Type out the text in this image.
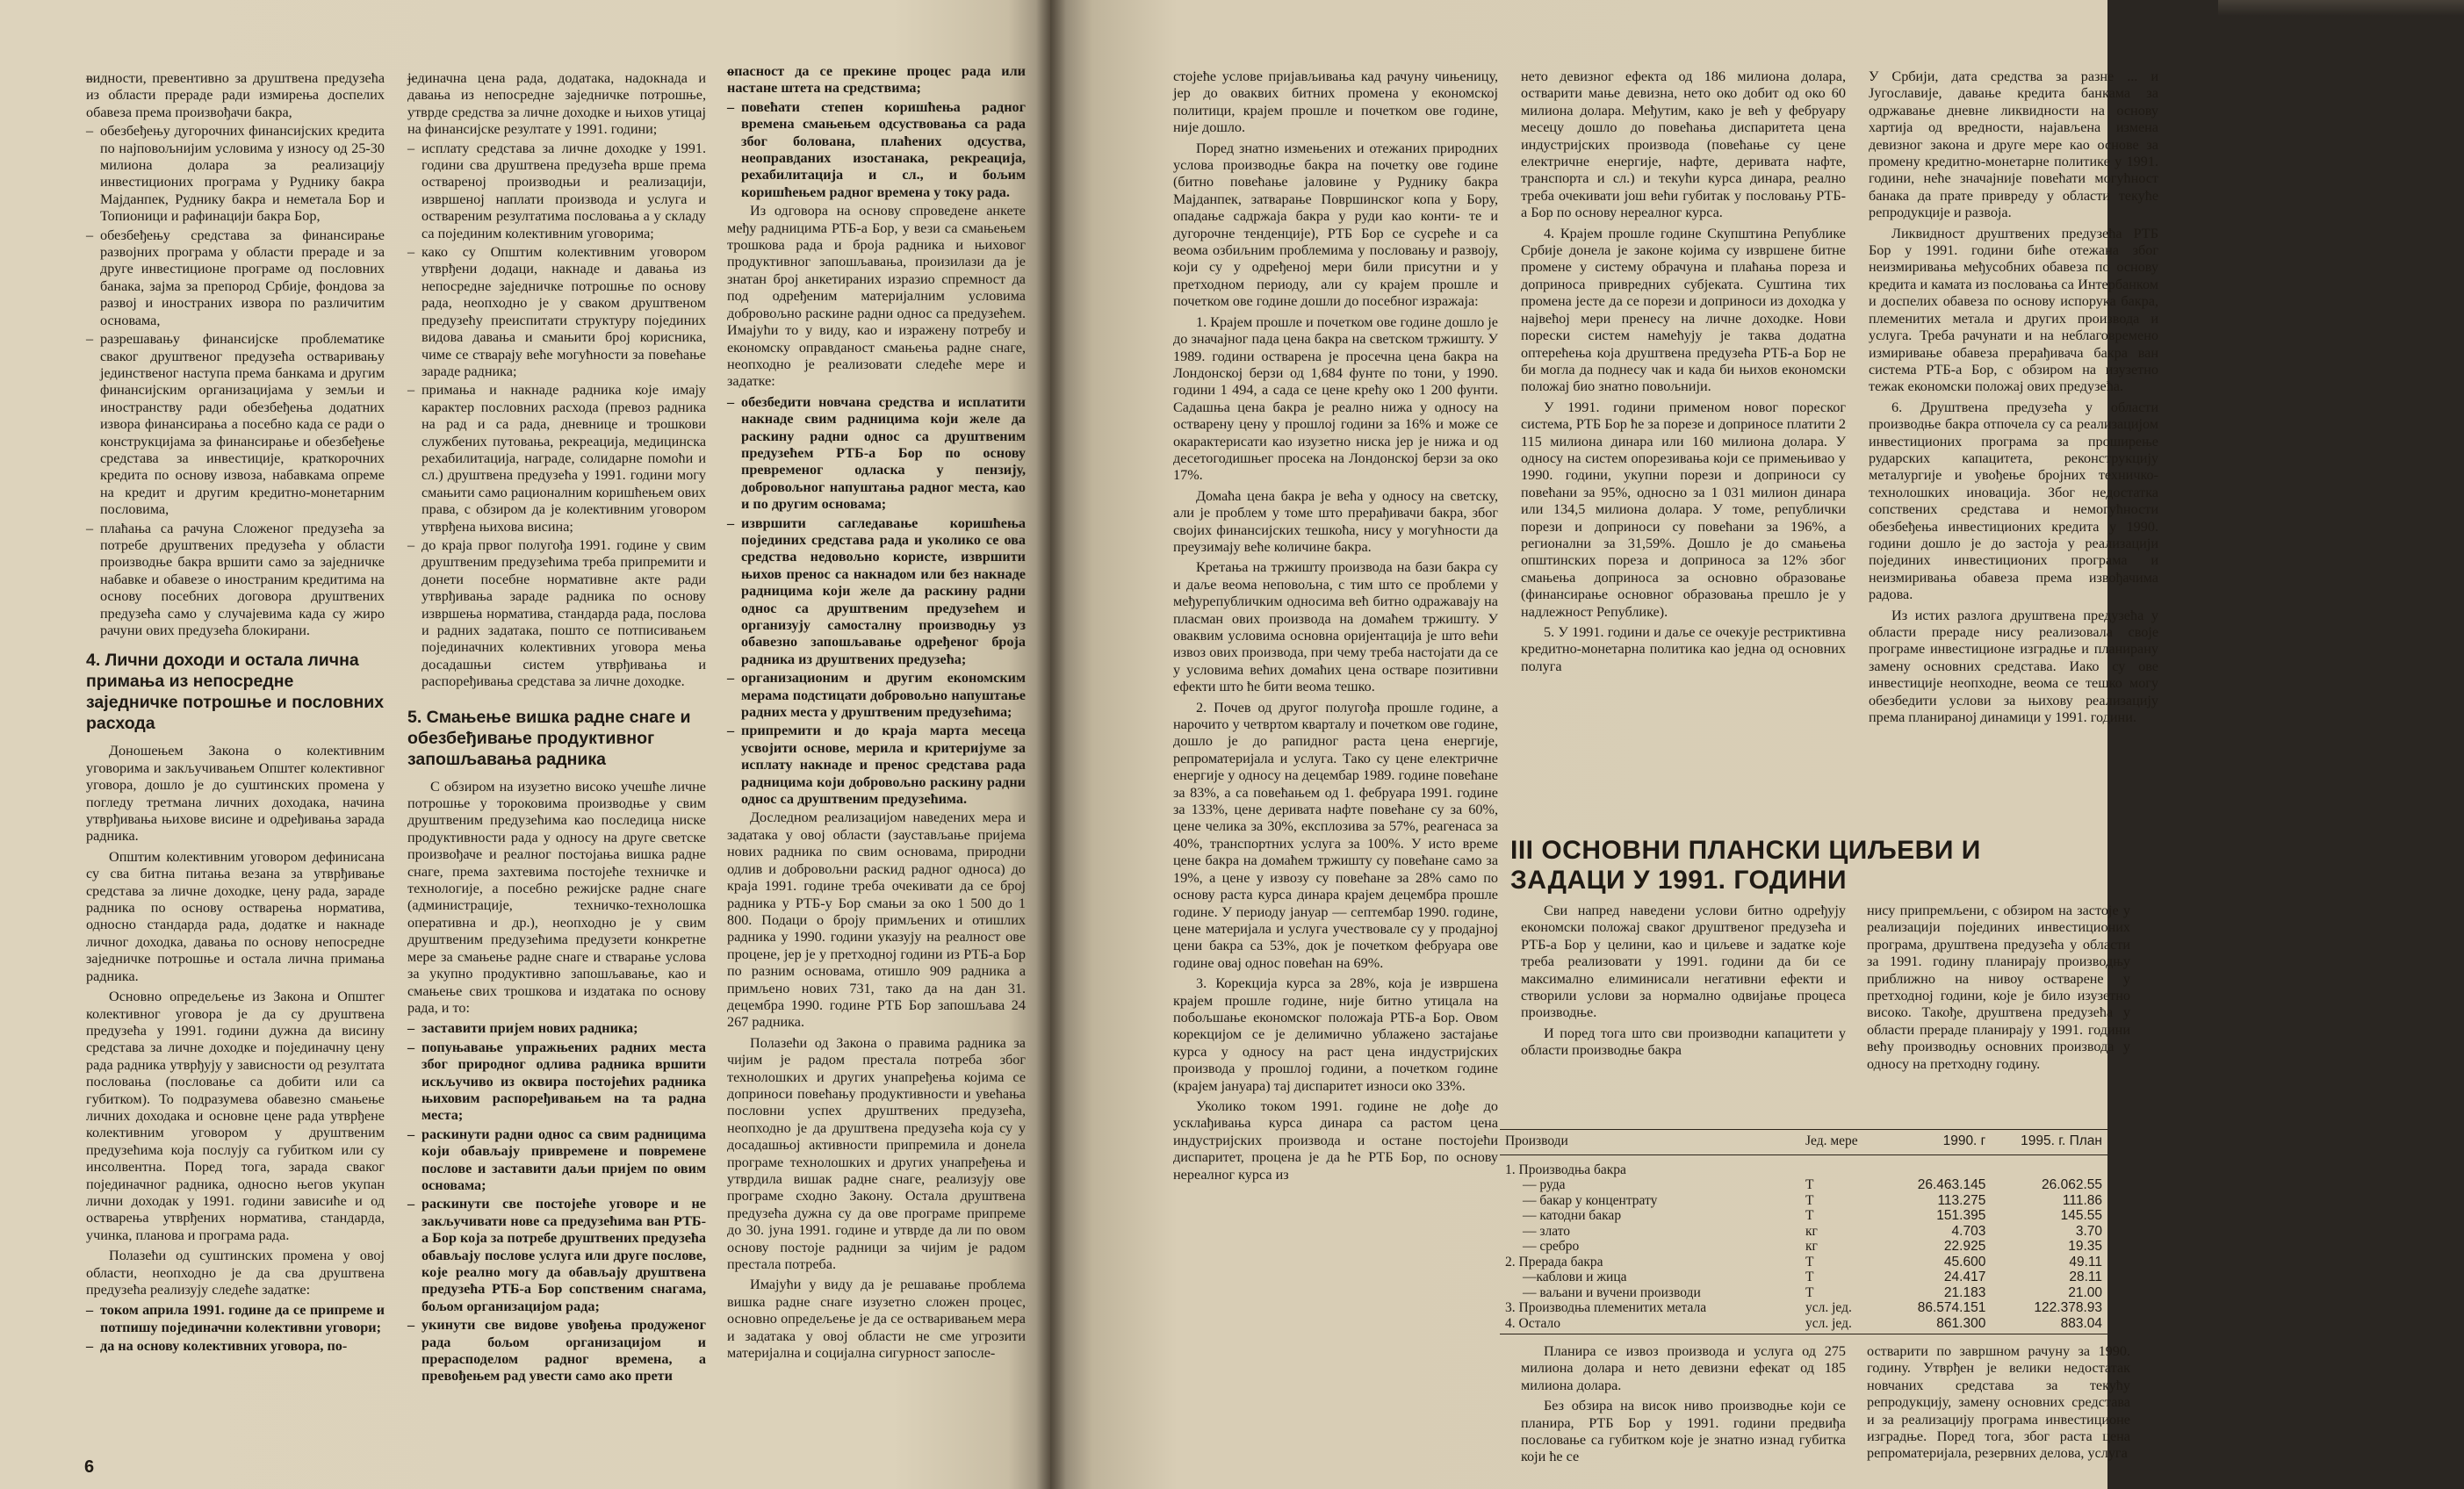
– видности, превентивно за друштвена предузећа из области прераде ради измирења доспелих обавеза према произвођачи бакра,
– обезбеђењу дугорочних финансијских кредита по најповољнијим условима у износу од 25-30 милиона долара за реализацију инвестиционих програма у Руднику бакра Мајданпек, Руднику бакра и неметала Бор и Топионици и рафинацији бакра Бор,
– обезбеђењу средстава за финансирање развојних програма у области прераде и за друге инвестиционе програме од пословних банака, зајма за препород Србије, фондова за развој и иностраних извора по различитим основама,
– разрешавању финансијске проблематике сваког друштвеног предузећа остваривању јединственог наступа према банкама и другим финансијским организацијама у земљи и иностранству ради обезбеђења додатних извора финансирања а посебно када се ради о конструкцијама за финансирање и обезбеђење средстава за инвестиције, краткорочних кредита по основу извоза, набавкама опреме на кредит и другим кредитно-монетарним пословима,
– плаћања са рачуна Сложеног предузећа за потребе друштвених предузећа у области производње бакра вршити само за заједничке набавке и обавезе о иностраним кредитима на основу посебних договора друштвених предузећа само у случајевима када су жиро рачуни ових предузећа блокирани.
4. Лични доходи и остала лична примања из непосредне заједничке потрошње и пословних расхода

Доношењем Закона о колективним уговорима и закључивањем Општег колективног уговора, дошло је до суштинских промена у погледу третмана личних доходака, начина утврђивања њихове висине и одређивања зарада радника.

Општим колективним уговором дефинисана су сва битна питања везана за утврђивање средстава за личне доходке, цену рада, зараде радника по основу остварења норматива, односно стандарда рада, додатке и накнаде личног доходка, давања по основу непосредне заједничке потрошње и остала лична примања радника.

Основно опредељење из Закона и Општег колективног уговора је да су друштвена предузећа у 1991. години дужна да висину средстава за личне доходке и појединачну цену рада радника утврђују у зависности од резултата пословања (пословање са добити или са губитком). То подразумева обавезно смањење личних доходака и основне цене рада утврђене колективним уговором у друштвеним предузећима која послују са губитком или су инсолвентна. Поред тога, зарада сваког појединачног радника, односно његов укупан лични доходак у 1991. години зависиће и од остварења утврђених норматива, стандарда, учинка, планова и програма рада.

Полазећи од суштинских промена у овој области, неопходно је да сва друштвена предузећа реализују следеће задатке:

– током априла 1991. године да се припреме и потпишу појединачни колективни уговори;
– да на основу колективних уговора, по-
– јединачна цена рада, додатака, надокнада и давања из непосредне заједничке потрошње, утврде средства за личне доходке и њихов утицај на финансијске резултате у 1991. години;
– исплату средстава за личне доходке у 1991. години сва друштвена предузећа врше према оствареној производњи и реализацији, извршеној наплати производа и услуга и оствареним резултатима пословања а у складу са појединим колективним уговорима;
– како су Општим колективним уговором утврђени додаци, накнаде и давања из непосредне заједничке потрошње по основу рада, неопходно је у сваком друштвеном предузећу преиспитати структуру појединих видова давања и смањити број корисника, чиме се стварају веће могућности за повећање зараде радника;
– примања и накнаде радника које имају карактер пословних расхода (превоз радника на рад и са рада, дневнице и трошкови службених путовања, рекреација, медицинска рехабилитација, награде, солидарне помоћи и сл.) друштвена предузећа у 1991. години могу смањити само рационалним коришћењем ових права, с обзиром да је колективним уговором утврђена њихова висина;
– до краја првог полугођа 1991. године у свим друштвеним предузећима треба припремити и донети посебне нормативне акте ради утврђивања зараде радника по основу извршења норматива, стандарда рада, послова и радних задатака, пошто се потписивањем појединачних колективних уговора мења досадашњи систем утврђивања и распоређивања средстава за личне доходке.
5. Смањење вишка радне снаге и обезбеђивање продуктивног запошљавања радника

С обзиром на изузетно високо учешће личне потрошње у тороковима производње у свим друштвеним предузећима као последица ниске продуктивности рада у односу на друге светске произвођаче и реалног постојања вишка радне снаге, према захтевима постојеће техничке и технологије, а посебно режијске радне снаге (администрације, техничко-технолошка оперативна и др.), неопходно је у свим друштвеним предузећима предузети конкретне мере за смањење радне снаге и стварање услова за укупно продуктивно запошљавање, као и смањење свих трошкова и издатака по основу рада, и то:

– заставити пријем нових радника;
– попуњавање упражњених радних места због природног одлива радника вршити искључиво из оквира постојећих радника њиховим распоређивањем на та радна места;
– раскинути радни однос са свим радницима који обављају привремене и повремене послове и заставити даљи пријем по овим основама;
– раскинути све постојеће уговоре и не закључивати нове са предузећима ван РТБ-а Бор која за потребе друштвених предузећа обављају послове услуга или друге послове, које реално могу да обављају друштвена предузећа РТБ-а Бор сопственим снагама, бољом организацијом рада;
– укинути све видове увођења продуженог рада бољом организацијом и прерасподелом радног времена, а превођењем рад увести само ако прети
– опасност да се прекине процес рада или настане штета на средствима;
– повећати степен коришћења радног времена смањењем одсуствовања са рада због болована, плаћених одсуства, неоправданих изостанака, рекреација, рехабилитација и сл., и бољим коришћењем радног времена у току рада.

Из одговора на основу спроведене анкете међу радницима РТБ-а Бор, у вези са смањењем трошкова рада и броја радника и њиховог продуктивног запошљавања, произилази да је знатан број анкетираних изразио спремност да под одређеним материјалним условима добровољно раскине радни однос са предузећем. Имајући то у виду, као и изражену потребу и економску оправданост смањења радне снаге, неопходно је реализовати следеће мере и задатке:

– обезбедити новчана средства и исплатити накнаде свим радницима који желе да раскину радни однос са друштвеним предузећем РТБ-а Бор по основу превременог одласка у пензију, добровољног напуштања радног места, као и по другим основама;
– извршити сагледавање коришћења појединих средстава рада и уколико се ова средства недовољно користе, извршити њихов пренос са накнадом или без накнаде радницима који желе да раскину радни однос са друштвеним предузећем и организују самосталну производњу уз обавезно запошљавање одређеног броја радника из друштвених предузећа;
– организационим и другим економским мерама подстицати добровољно напуштање радних места у друштвеним предузећима;
– припремити и до краја марта месеца усвојити основе, мерила и критеријуме за исплату накнаде и пренос средстава рада радницима који добровољно раскину радни однос са друштвеним предузећима.

Доследном реализацијом наведених мера и задатака у овој области (заустављање пријема нових радника по свим основама, природни одлив и добровољни раскид радног односа) до краја 1991. године треба очекивати да се број радника у РТБ-у Бор смањи за око 1 500 до 1 800. Подаци о броју примљених и отишлих радника у 1990. години указују на реалност ове процене, јер је у претходној години из РТБ-а Бор по разним основама, отишло 909 радника а примљено нових 731, тако да на дан 31. децембра 1990. године РТБ Бор запошљава 24 267 радника.

Полазећи од Закона о правима радника за чијим је радом престала потреба због технолошких и других унапређења којима се доприноси повећању продуктивности и увећања пословни успех друштвених предузећа, неопходно је да друштвена предузећа која су у досадашњој активности припремила и донела програме технолошких и других унапређења и утврдила вишак радне снаге, реализују ове програме сходно Закону. Остала друштвена предузећа дужна су да ове програме припреме до 30. јуна 1991. године и утврде да ли по овом основу постоје радници за чијим је радом престала потреба.

Имајући у виду да је решавање проблема вишка радне снаге изузетно сложен процес, основно опредељење је да се остваривањем мера и задатака у овој области не сме угрозити материјална и социјална сигурност запосле-

6

стојеће услове пријављивања кад рачуну чињеницу, јер до оваквих битних промена у економској политици, крајем прошле и почетком ове године, није дошло.

Поред знатно измењених и отежаних природних услова производње бакра на почетку ове године (битно повећање јаловине у Руднику бакра Мајданпек, затварање Површинског копа у Бору, опадање садржаја бакра у руди као конти- те и дугорочне тенденције), РТБ Бор се сусреће и са веома озбиљним проблемима у пословању и развоју, који су у одређеној мери били присутни и у претходном периоду, али су крајем прошле и почетком ове године дошли до посебног изражаја:

1. Крајем прошле и почетком ове године дошло је до значајног пада цена бакра на светском тржишту. У 1989. години остварена је просечна цена бакра на Лондонској берзи од 1,684 фунте по тони, у 1990. години 1 494, а сада се цене крећу око 1 200 фунти. Садашња цена бакра је реално нижа у односу на остварену цену у прошлој години за 16% и може се окарактерисати као изузетно ниска јер је нижа и од десетогодишњег просека на Лондонској берзи за око 17%.

Домаћа цена бакра је већа у односу на светску, али је проблем у томе што прерађивачи бакра, због својих финансијских тешкоћа, нису у могућности да преузимају веће количине бакра.

Кретања на тржишту производа на бази бакра су и даље веома неповољна, с тим што се проблеми у међурепубличким односима већ битно одражавају на пласман ових производа на домаћем тржишту. У оваквим условима основна оријентација је што већи извоз ових производа, при чему треба настојати да се у условима већих домаћих цена остваре позитивни ефекти што ће бити веома тешко.

2. Почев од другог полугођа прошле године, а нарочито у четвртом кварталу и почетком ове године, дошло је до рапидног раста цена енергије, репроматеријала и услуга. Тако су цене електричне енергије у односу на децембар 1989. године повећане за 83%, а са повећањем од 1. фебруара 1991. године за 133%, цене деривата нафте повећане су за 60%, цене челика за 30%, експлозива за 57%, реагенаса за 40%, транспортних услуга за 100%. У исто време цене бакра на домаћем тржишту су повећане само за 19%, а цене у извозу су повећане за 28% само по основу раста курса динара крајем децембра прошле године. У периоду јануар — септембар 1990. године, цене материјала и услуга учествовале су у продајној цени бакра са 53%, док је почетком фебруара ове године овај однос повећан на 69%.

3. Корекција курса за 28%, која је извршена крајем прошле године, није битно утицала на побољшање економског положаја РТБ-а Бор. Овом корекцијом се је делимично ублажено застајање курса у односу на раст цена индустријских производа у прошлој години, а почетком године (крајем јануара) тај диспаритет износи око 33%.

Уколико током 1991. године не дође до усклађивања курса динара са растом цена индустријских производа и остане постојећи диспаритет, процена је да ће РТБ Бор, по основу нереалног курса из

нето девизног ефекта од 186 милиона долара, остварити мање девизна, нето око добит од око 60 милиона долара. Међутим, како је већ у фебруару месецу дошло до повећања диспаритета цена индустријских производа (повећање су цене електричне енергије, нафте, деривата нафте, транспорта и сл.) и текући курса динара, реално треба очекивати још већи губитак у пословању РТБ-а Бор по основу нереалног курса.

4. Крајем прошле године Скупштина Републике Србије донела је законе којима су извршене битне промене у систему обрачуна и плаћања пореза и доприноса привредних субјеката. Суштина тих промена јесте да се порези и доприноси из доходка у највећој мери пренесу на личне доходке. Нови порески систем намећују је таква додатна оптерећења која друштвена предузећа РТБ-а Бор не би могла да поднесу чак и када би њихов економски положај био знатно повољнији.

У 1991. години применом новог пореског система, РТБ Бор ће за порезе и доприносе платити 2 115 милиона динара или 160 милиона долара. У односу на систем опорезивања који се примењивао у 1990. години, укупни порези и доприноси су повећани за 95%, односно за 1 031 милион динара или 134,5 милиона долара. У томе, републички порези и доприноси су повећани за 196%, а регионални за 31,59%. Дошло је до смањења општинских пореза и доприноса за 12% због смањења доприноса за основно образовање (финансирање основног образовања прешло је у надлежност Републике).

5. У 1991. години и даље се очекује рестриктивна кредитно-монетарна политика као једна од основних полуга

У Србији, дата средства за разне ... и Југославије, давање кредита банкама за одржавање дневне ликвидности на основу хартија од вредности, најављена измена девизног закона и друге мере као основе за промену кредитно-монетарне политике у 1991. години, неће значајније повећати могућност банака да прате привреду у области текуће репродукције и развоја.

Ликвидност друштвених предузећа РТБ Бор у 1991. години биће отежана због неизмиривања међусобних обавеза по основу кредита и камата из пословања са Интербанком и доспелих обавеза по основу испорука бакра, племенитих метала и других производа и услуга. Треба рачунати и на неблаговремено измиривање обавеза прерађивача бакра ван система РТБ-а Бор, с обзиром на изузетно тежак економски положај ових предузећа.

6. Друштвена предузећа у области производње бакра отпочела су са реализацијом инвестиционих програма за проширење рударских капацитета, реконструкцију металургије и увођење бројних техничко-технолошких иновација. Због недостатка сопствених средстава и немогућности обезбеђења инвестиционих кредита у 1990. години дошло је до застоја у реализацији појединих инвестиционих програма и неизмиривања обавеза према извођачима радова.

Из истих разлога друштвена предузећа у области прераде нису реализовала своје програме инвестиционе изградње и планирану замену основних средстава. Иако су ове инвестиције неопходне, веома се тешко могу обезбедити услови за њихову реализацију према планираној динамици у 1991. години.

III ОСНОВНИ ПЛАНСКИ ЦИЉЕВИ И ЗАДАЦИ У 1991. ГОДИНИ

Сви напред наведени услови битно одређују економски положај сваког друштвеног предузећа и РТБ-а Бор у целини, као и циљеве и задатке које треба реализовати у 1991. години да би се максимално елиминисали негативни ефекти и створили услови за нормално одвијање процеса производње.

И поред тога што сви производни капацитети у области производње бакра

нису припремљени, с обзиром на застоје у реализацији појединих инвестиционих програма, друштвена предузећа у области за 1991. годину планирају производњу приближно на нивоу остварене у претходној години, које је било изузетно високо. Такође, друштвена предузећа у области прераде планирају у 1991. години већу производњу основних производа у односу на претходну годину.

Производи	Јед. мере	1990. г	1995. г. План
1. Производња бакра			
— руда	Т	26.463.145	26.062.55
— бакар у концентрату	Т	113.275	111.86
— катодни бакар	Т	151.395	145.55
— злато	кг	4.703	3.70
— сребро	кг	22.925	19.35
2. Прерада бакра	Т	45.600	49.11
—каблови и жица	Т	24.417	28.11
— ваљани и вучени производи	Т	21.183	21.00
3. Производња племенитих метала	усл. јед.	86.574.151	122.378.93
4. Остало	усл. јед.	861.300	883.04

Планира се извоз производа и услуга од 275 милиона долара и нето девизни ефекат од 185 милиона долара.

Без обзира на висок ниво производње који се планира, РТБ Бор у 1991. години предвиђа пословање са губитком које је знатно изнад губитка који ће се

остварити по завршном рачуну за 1990. годину. Утврђен је велики недостатак новчаних средстава за текућу репродукцију, замену основних средстава и за реализацију програма инвестиционе изградње. Поред тога, због раста цена репроматеријала, резервних делова, услуга
